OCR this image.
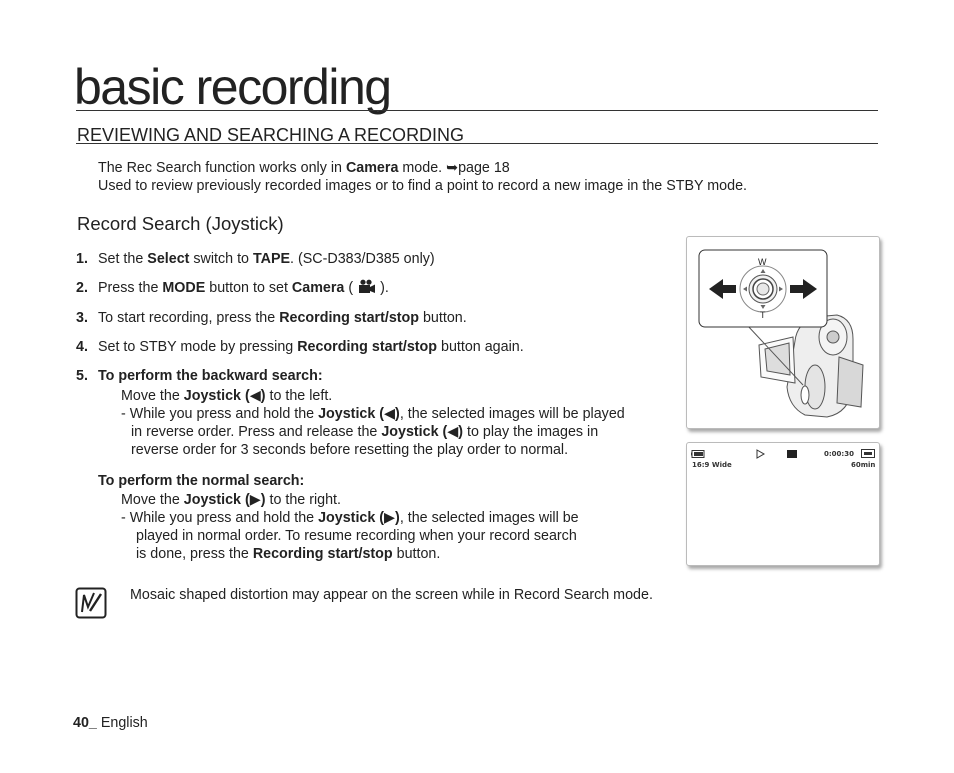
basic recording
REVIEWING AND SEARCHING A RECORDING
The Rec Search function works only in Camera mode. ➥page 18
Used to review previously recorded images or to find a point to record a new image in the STBY mode.
Record Search (Joystick)
1. Set the Select switch to TAPE. (SC-D383/D385 only)
2. Press the MODE button to set Camera (  ).
3. To start recording, press the Recording start/stop button.
4. Set to STBY mode by pressing Recording start/stop button again.
5. To perform the backward search:
Move the Joystick (◀) to the left.
- While you press and hold the Joystick (◀), the selected images will be played
in reverse order. Press and release the Joystick (◀) to play the images in
reverse order for 3 seconds before resetting the play order to normal.
To perform the normal search:
Move the Joystick (▶) to the right.
- While you press and hold the Joystick (▶), the selected images will be
played in normal order. To resume recording when your record search
is done, press the Recording start/stop button.
Mosaic shaped distortion may appear on the screen while in Record Search mode.
W
T
0:00:30
16:9 Wide	60min
40_ English
